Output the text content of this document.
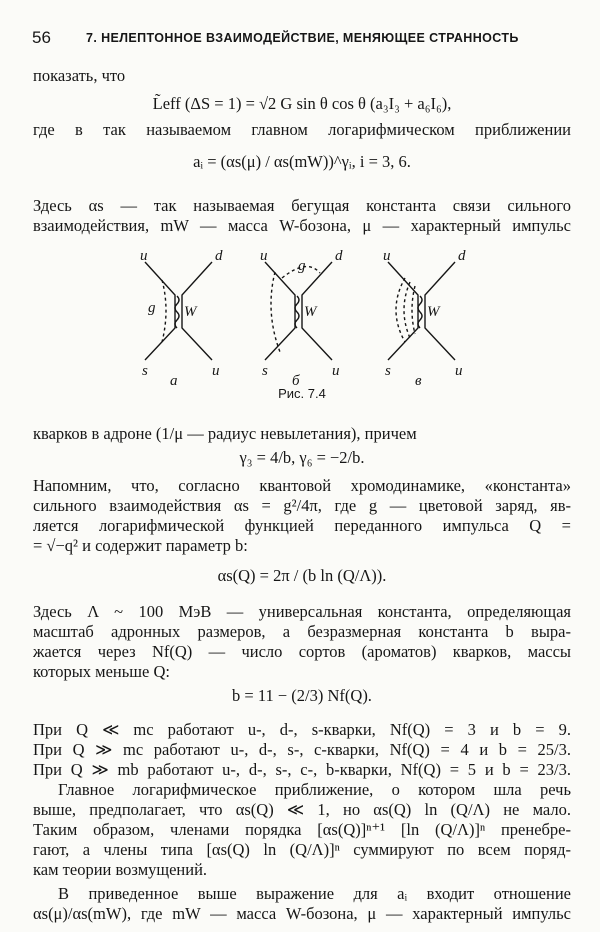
56	7. НЕЛЕПТОННОЕ ВЗАИМОДЕЙСТВИЕ, МЕНЯЮЩЕЕ СТРАННОСТЬ
показать, что
L̃eff (ΔS = 1) = √2 G sin θ cos θ (a₃I₃ + a₆I₆),
где в так называемом главном логарифмическом приближении
aᵢ = (αs(μ) / αs(mW))^γᵢ, i = 3, 6.
Здесь αs — так называемая бегущая константа связи сильного
взаимодействия, mW — масса W-бозона, μ — характерный импульс
u	d
g W
s	u
a
u	d
g
W
s	u
б
u	d
W
s	u
в
Рис. 7.4
кварков в адроне (1/μ — радиус невылетания), причем
γ₃ = 4/b, γ₆ = −2/b.
Напомним, что, согласно квантовой хромодинамике, «константа»
сильного взаимодействия αs = g²/4π, где g — цветовой заряд, яв-
ляется логарифмической функцией переданного импульса Q =
= √−q² и содержит параметр b:
αs(Q) = 2π / (b ln (Q/Λ)).
Здесь Λ ~ 100 МэВ — универсальная константа, определяющая
масштаб адронных размеров, а безразмерная константа b выра-
жается через Nf(Q) — число сортов (ароматов) кварков, массы
которых меньше Q:
b = 11 − (2/3) Nf(Q).
При Q ≪ mc работают u-, d-, s-кварки, Nf(Q) = 3 и b = 9.
При Q ≫ mc работают u-, d-, s-, c-кварки, Nf(Q) = 4 и b = 25/3.
При Q ≫ mb работают u-, d-, s-, c-, b-кварки, Nf(Q) = 5 и b = 23/3.
Главное логарифмическое приближение, о котором шла речь
выше, предполагает, что αs(Q) ≪ 1, но αs(Q) ln (Q/Λ) не мало.
Таким образом, членами порядка [αs(Q)]ⁿ⁺¹ [ln (Q/Λ)]ⁿ пренебре-
гают, а члены типа [αs(Q) ln (Q/Λ)]ⁿ суммируют по всем поряд-
кам теории возмущений.
В приведенное выше выражение для aᵢ входит отношение
αs(μ)/αs(mW), где mW — масса W-бозона, μ — характерный импульс
